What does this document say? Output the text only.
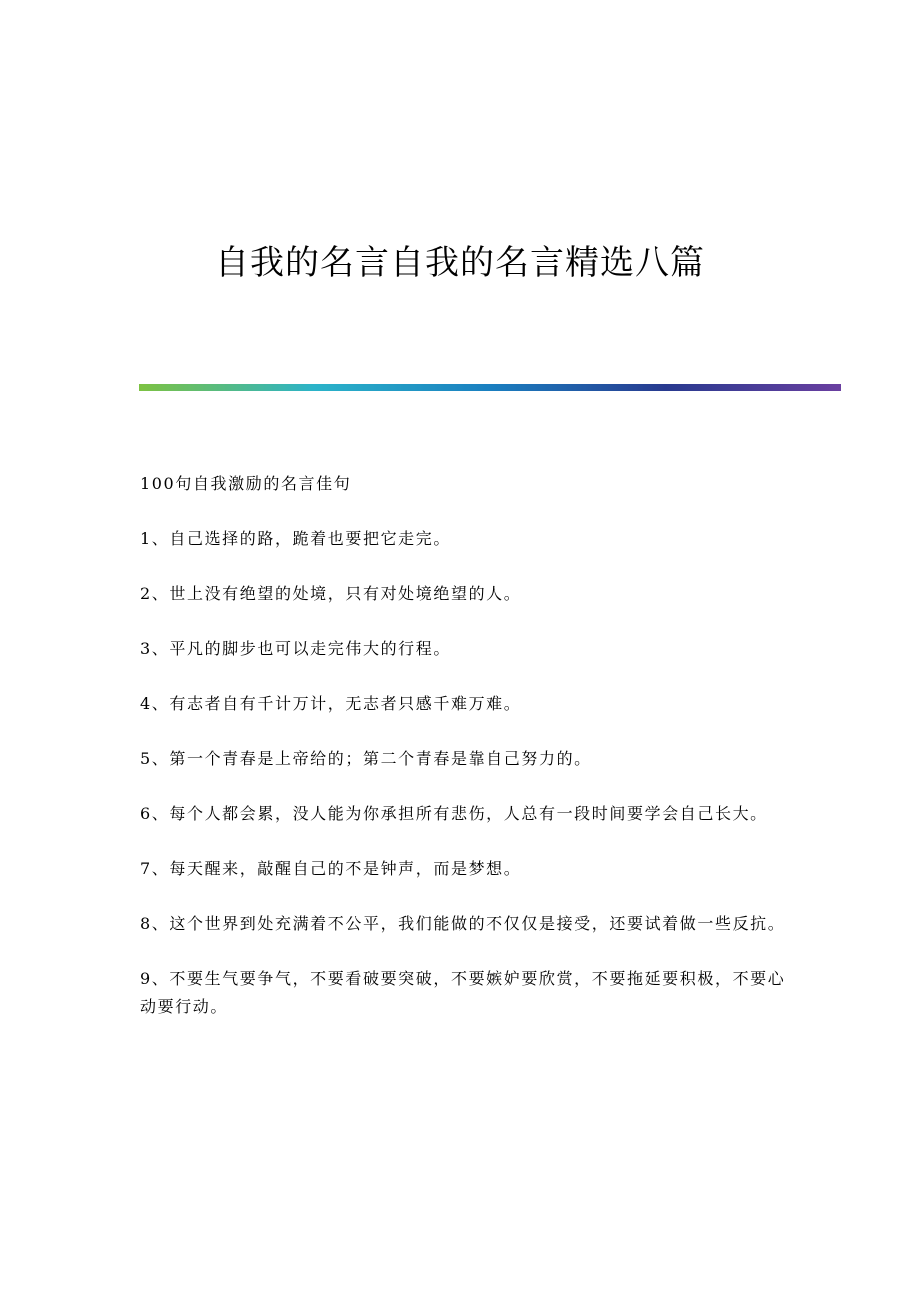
自我的名言自我的名言精选八篇

100句自我激励的名言佳句

1、自己选择的路，跪着也要把它走完。

2、世上没有绝望的处境，只有对处境绝望的人。

3、平凡的脚步也可以走完伟大的行程。

4、有志者自有千计万计，无志者只感千难万难。

5、第一个青春是上帝给的；第二个青春是靠自己努力的。

6、每个人都会累，没人能为你承担所有悲伤，人总有一段时间要学会自己长大。

7、每天醒来，敲醒自己的不是钟声，而是梦想。

8、这个世界到处充满着不公平，我们能做的不仅仅是接受，还要试着做一些反抗。

9、不要生气要争气，不要看破要突破，不要嫉妒要欣赏，不要拖延要积极，不要心动要行动。
